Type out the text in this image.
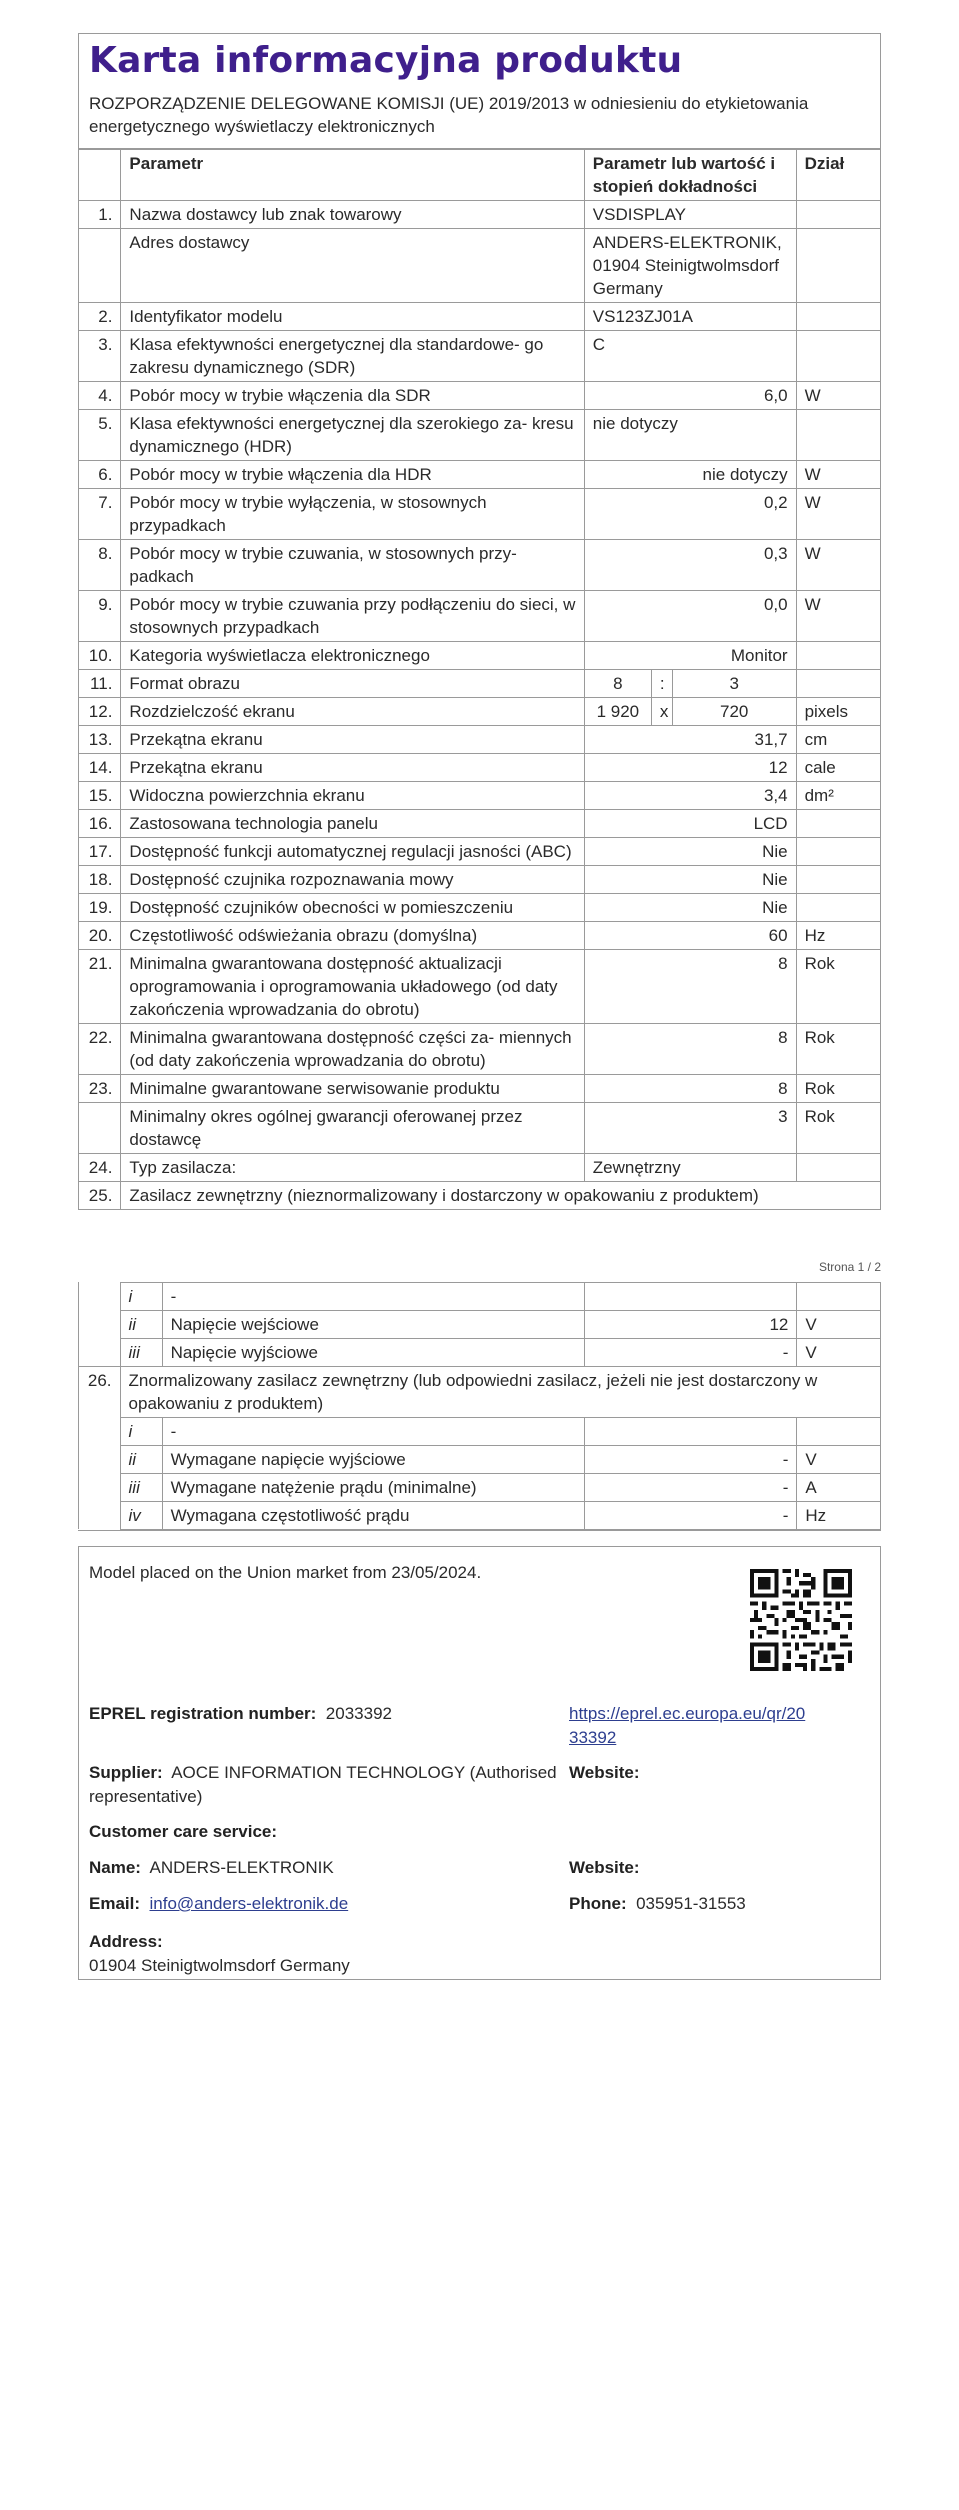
Karta informacyjna produktu
ROZPORZĄDZENIE DELEGOWANE KOMISJI (UE) 2019/2013 w odniesieniu do etykietowania energetycznego wyświetlaczy elektronicznych
	Parametr	Parametr lub wartość i stopień dokładności			Dział
1.	Nazwa dostawcy lub znak towarowy	VSDISPLAY			
	Adres dostawcy	ANDERS-ELEKTRONIK, 01904 Steinigtwolmsdorf Germany			
2.	Identyfikator modelu	VS123ZJ01A			
3.	Klasa efektywności energetycznej dla standardowe- go zakresu dynamicznego (SDR)	C			
4.	Pobór mocy w trybie włączenia dla SDR	6,0			W
5.	Klasa efektywności energetycznej dla szerokiego za- kresu dynamicznego (HDR)	nie dotyczy			
6.	Pobór mocy w trybie włączenia dla HDR	nie dotyczy			W
7.	Pobór mocy w trybie wyłączenia, w stosownych przypadkach	0,2			W
8.	Pobór mocy w trybie czuwania, w stosownych przy- padkach	0,3			W
9.	Pobór mocy w trybie czuwania przy podłączeniu do sieci, w stosownych przypadkach	0,0			W
10.	Kategoria wyświetlacza elektronicznego	Monitor			
11.	Format obrazu	8	:	3	
12.	Rozdzielczość ekranu	1 920	x	720	pixels
13.	Przekątna ekranu	31,7			cm
14.	Przekątna ekranu	12			cale
15.	Widoczna powierzchnia ekranu	3,4			dm²
16.	Zastosowana technologia panelu	LCD			
17.	Dostępność funkcji automatycznej regulacji jasności (ABC)	Nie			
18.	Dostępność czujnika rozpoznawania mowy	Nie			
19.	Dostępność czujników obecności w pomieszczeniu	Nie			
20.	Częstotliwość odświeżania obrazu (domyślna)	60			Hz
21.	Minimalna gwarantowana dostępność aktualizacji oprogramowania i oprogramowania układowego (od daty zakończenia wprowadzania do obrotu)	8			Rok
22.	Minimalna gwarantowana dostępność części za- miennych (od daty zakończenia wprowadzania do obrotu)	8			Rok
23.	Minimalne gwarantowane serwisowanie produktu	8			Rok
	Minimalny okres ogólnej gwarancji oferowanej przez dostawcę	3			Rok
24.	Typ zasilacza:	Zewnętrzny			
25.	Zasilacz zewnętrzny (nieznormalizowany i dostarczony w opakowaniu z produktem)				
Strona 1 / 2
	i	-		
	ii	Napięcie wejściowe	12	V
	iii	Napięcie wyjściowe	-	V
26.	Znormalizowany zasilacz zewnętrzny (lub odpowiedni zasilacz, jeżeli nie jest dostarczony w opakowaniu z produktem)			
	i	-		
	ii	Wymagane napięcie wyjściowe	-	V
	iii	Wymagane natężenie prądu (minimalne)	-	A
	iv	Wymagana częstotliwość prądu	-	Hz
Model placed on the Union market from 23/05/2024.
EPREL registration number: 2033392	https://eprel.ec.europa.eu/qr/20
33392
Supplier: AOCE INFORMATION TECHNOLOGY (Authorised
representative)
Website:
Customer care service:
Name: ANDERS-ELEKTRONIK	Website:
Email: info@anders-elektronik.de	Phone: 035951-31553
Address:
01904 Steinigtwolmsdorf Germany
